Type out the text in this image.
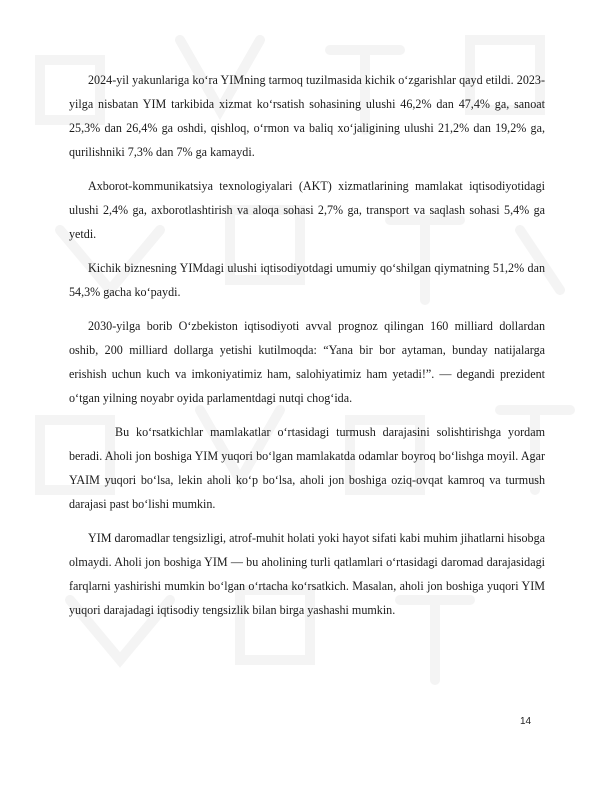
2024-yil yakunlariga ko‘ra YIMning tarmoq tuzilmasida kichik o‘zgarishlar qayd etildi. 2023-yilga nisbatan YIM tarkibida xizmat ko‘rsatish sohasining ulushi 46,2% dan 47,4% ga, sanoat 25,3% dan 26,4% ga oshdi, qishloq, o‘rmon va baliq xo‘jaligining ulushi 21,2% dan 19,2% ga, qurilishniki 7,3% dan 7% ga kamaydi.

Axborot-kommunikatsiya texnologiyalari (AKT) xizmatlarining mamlakat iqtisodiyotidagi ulushi 2,4% ga, axborotlashtirish va aloqa sohasi 2,7% ga, transport va saqlash sohasi 5,4% ga yetdi.

Kichik biznesning YIMdagi ulushi iqtisodiyotdagi umumiy qo‘shilgan qiymatning 51,2% dan 54,3% gacha ko‘paydi.

2030-yilga borib O‘zbekiston iqtisodiyoti avval prognoz qilingan 160 milliard dollardan oshib, 200 milliard dollarga yetishi kutilmoqda: “Yana bir bor aytaman, bunday natijalarga erishish uchun kuch va imkoniyatimiz ham, salohiyatimiz ham yetadi!”. — degandi prezident o‘tgan yilning noyabr oyida parlamentdagi nutqi chog‘ida.

Bu ko‘rsatkichlar mamlakatlar o‘rtasidagi turmush darajasini solishtirishga yordam beradi. Aholi jon boshiga YIM yuqori bo‘lgan mamlakatda odamlar boyroq bo‘lishga moyil. Agar YAIM yuqori bo‘lsa, lekin aholi ko‘p bo‘lsa, aholi jon boshiga oziq-ovqat kamroq va turmush darajasi past bo‘lishi mumkin.

YIM daromadlar tengsizligi, atrof-muhit holati yoki hayot sifati kabi muhim jihatlarni hisobga olmaydi. Aholi jon boshiga YIM — bu aholining turli qatlamlari o‘rtasidagi daromad darajasidagi farqlarni yashirishi mumkin bo‘lgan o‘rtacha ko‘rsatkich. Masalan, aholi jon boshiga yuqori YIM yuqori darajadagi iqtisodiy tengsizlik bilan birga yashashi mumkin.

14
